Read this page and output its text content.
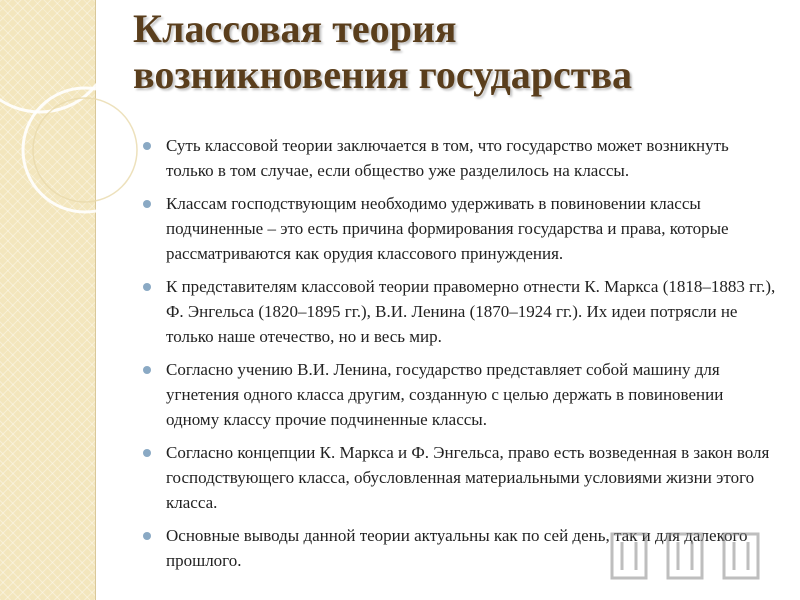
Классовая теория
возникновения государства
Суть классовой теории заключается в том, что государство может возникнуть только в том случае, если общество уже разделилось на классы.
Классам господствующим необходимо удерживать в повиновении классы подчиненные – это есть причина формирования государства и права, которые рассматриваются как орудия классового принуждения.
К представителям классовой теории правомерно отнести К. Маркса (1818–1883 гг.), Ф. Энгельса (1820–1895 гг.), В.И. Ленина (1870–1924 гг.). Их идеи потрясли не только наше отечество, но и весь мир.
Согласно учению В.И. Ленина, государство представляет собой машину для угнетения одного класса другим, созданную с целью держать в повиновении одному классу прочие подчиненные классы.
Согласно концепции К. Маркса и Ф. Энгельса, право есть возведенная в закон воля господствующего класса, обусловленная материальными условиями жизни этого класса.
Основные выводы данной теории актуальны как по сей день, так и для далекого прошлого.
